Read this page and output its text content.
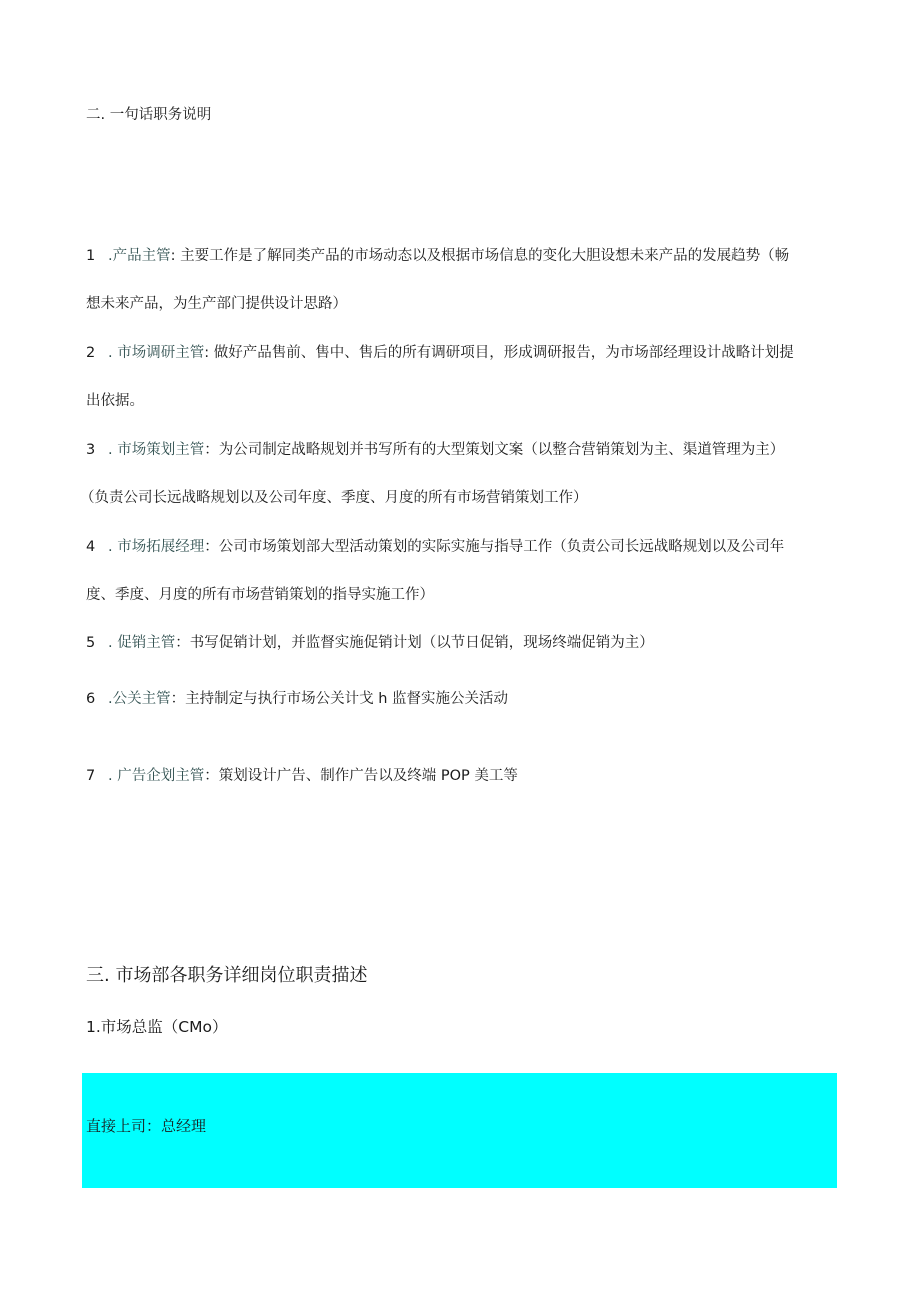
二. 一句话职务说明
1 .产品主管: 主要工作是了解同类产品的市场动态以及根据市场信息的变化大胆设想未来产品的发展趋势（畅
想未来产品，为生产部门提供设计思路）
2 . 市场调研主管: 做好产品售前、售中、售后的所有调研项目，形成调研报告，为市场部经理设计战略计划提
出依据。
3 . 市场策划主管：为公司制定战略规划并书写所有的大型策划文案（以整合营销策划为主、渠道管理为主）
（负责公司长远战略规划以及公司年度、季度、月度的所有市场营销策划工作）
4 . 市场拓展经理：公司市场策划部大型活动策划的实际实施与指导工作（负责公司长远战略规划以及公司年
度、季度、月度的所有市场营销策划的指导实施工作）
5 . 促销主管：书写促销计划，并监督实施促销计划（以节日促销，现场终端促销为主）
6 .公关主管：主持制定与执行市场公关计戈 h 监督实施公关活动
7 . 广告企划主管：策划设计广告、制作广告以及终端 POP 美工等
三. 市场部各职务详细岗位职责描述
1.市场总监（CMo）
直接上司：总经理
